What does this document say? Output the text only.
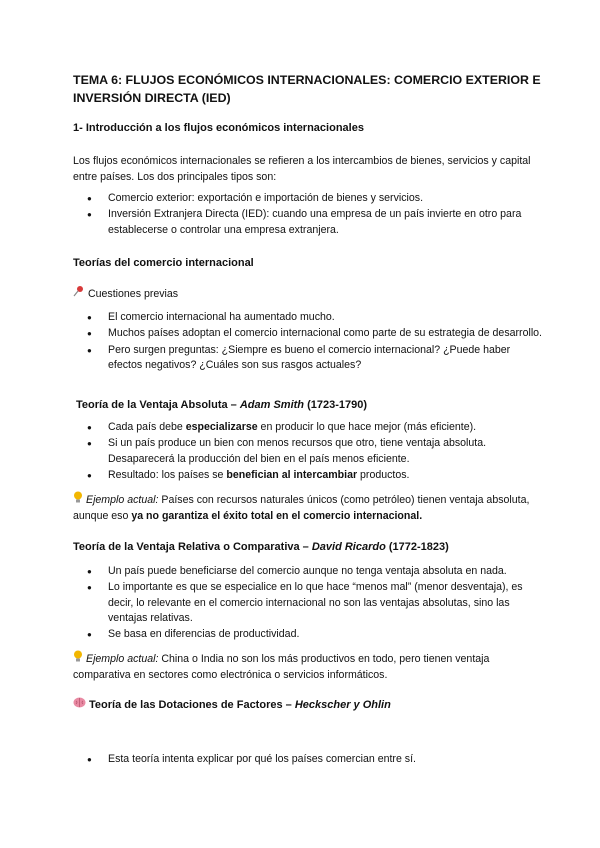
TEMA 6: FLUJOS ECONÓMICOS INTERNACIONALES: COMERCIO EXTERIOR E INVERSIÓN DIRECTA (IED)
1- Introducción a los flujos económicos internacionales

Los flujos económicos internacionales se refieren a los intercambios de bienes, servicios y capital entre países. Los dos principales tipos son:

● Comercio exterior: exportación e importación de bienes y servicios.
● Inversión Extranjera Directa (IED): cuando una empresa de un país invierte en otro para establecerse o controlar una empresa extranjera.
Teorías del comercio internacional

Cuestiones previas

● El comercio internacional ha aumentado mucho.
● Muchos países adoptan el comercio internacional como parte de su estrategia de desarrollo.
● Pero surgen preguntas: ¿Siempre es bueno el comercio internacional? ¿Puede haber efectos negativos? ¿Cuáles son sus rasgos actuales?
Teoría de la Ventaja Absoluta – Adam Smith (1723-1790)
● Cada país debe especializarse en producir lo que hace mejor (más eficiente).
● Si un país produce un bien con menos recursos que otro, tiene ventaja absoluta. Desaparecerá la producción del bien en el país menos eficiente.
● Resultado: los países se benefician al intercambiar productos.

Ejemplo actual: Países con recursos naturales únicos (como petróleo) tienen ventaja absoluta, aunque eso ya no garantiza el éxito total en el comercio internacional.

Teoría de la Ventaja Relativa o Comparativa – David Ricardo (1772-1823)
● Un país puede beneficiarse del comercio aunque no tenga ventaja absoluta en nada.
● Lo importante es que se especialice en lo que hace “menos mal” (menor desventaja), es decir, lo relevante en el comercio internacional no son las ventajas absolutas, sino las ventajas relativas.
● Se basa en diferencias de productividad.

Ejemplo actual: China o India no son los más productivos en todo, pero tienen ventaja comparativa en sectores como electrónica o servicios informáticos.

Teoría de las Dotaciones de Factores – Heckscher y Ohlin
● Esta teoría intenta explicar por qué los países comercian entre sí.
